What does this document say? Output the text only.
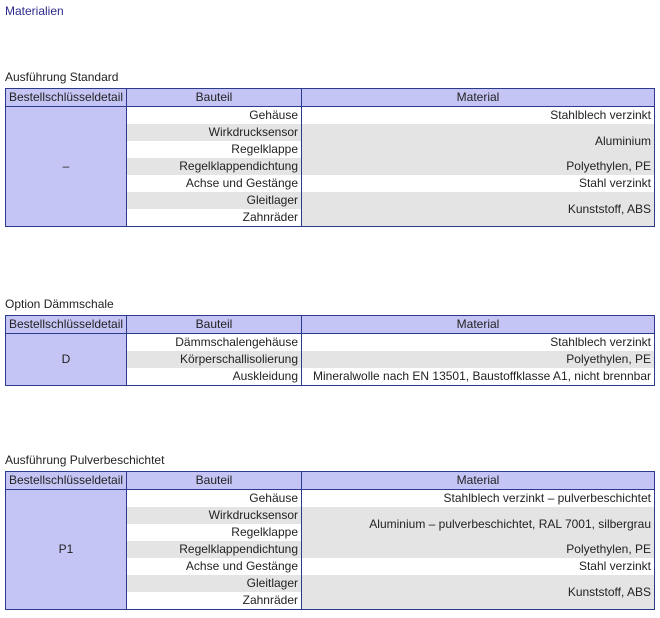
Materialien
Ausführung Standard
Bestellschlüsseldetail	Bauteil	Material
–	Gehäuse	Stahlblech verzinkt
	Wirkdrucksensor	Aluminium
	Regelklappe	
	Regelklappendichtung	Polyethylen, PE
	Achse und Gestänge	Stahl verzinkt
	Gleitlager	Kunststoff, ABS
	Zahnräder	
Option Dämmschale
Bestellschlüsseldetail	Bauteil	Material
D	Dämmschalengehäuse	Stahlblech verzinkt
	Körperschallisolierung	Polyethylen, PE
	Auskleidung	Mineralwolle nach EN 13501, Baustoffklasse A1, nicht brennbar
Ausführung Pulverbeschichtet
Bestellschlüsseldetail	Bauteil	Material
P1	Gehäuse	Stahlblech verzinkt – pulverbeschichtet
	Wirkdrucksensor	Aluminium – pulverbeschichtet, RAL 7001, silbergrau
	Regelklappe	
	Regelklappendichtung	Polyethylen, PE
	Achse und Gestänge	Stahl verzinkt
	Gleitlager	Kunststoff, ABS
	Zahnräder	
